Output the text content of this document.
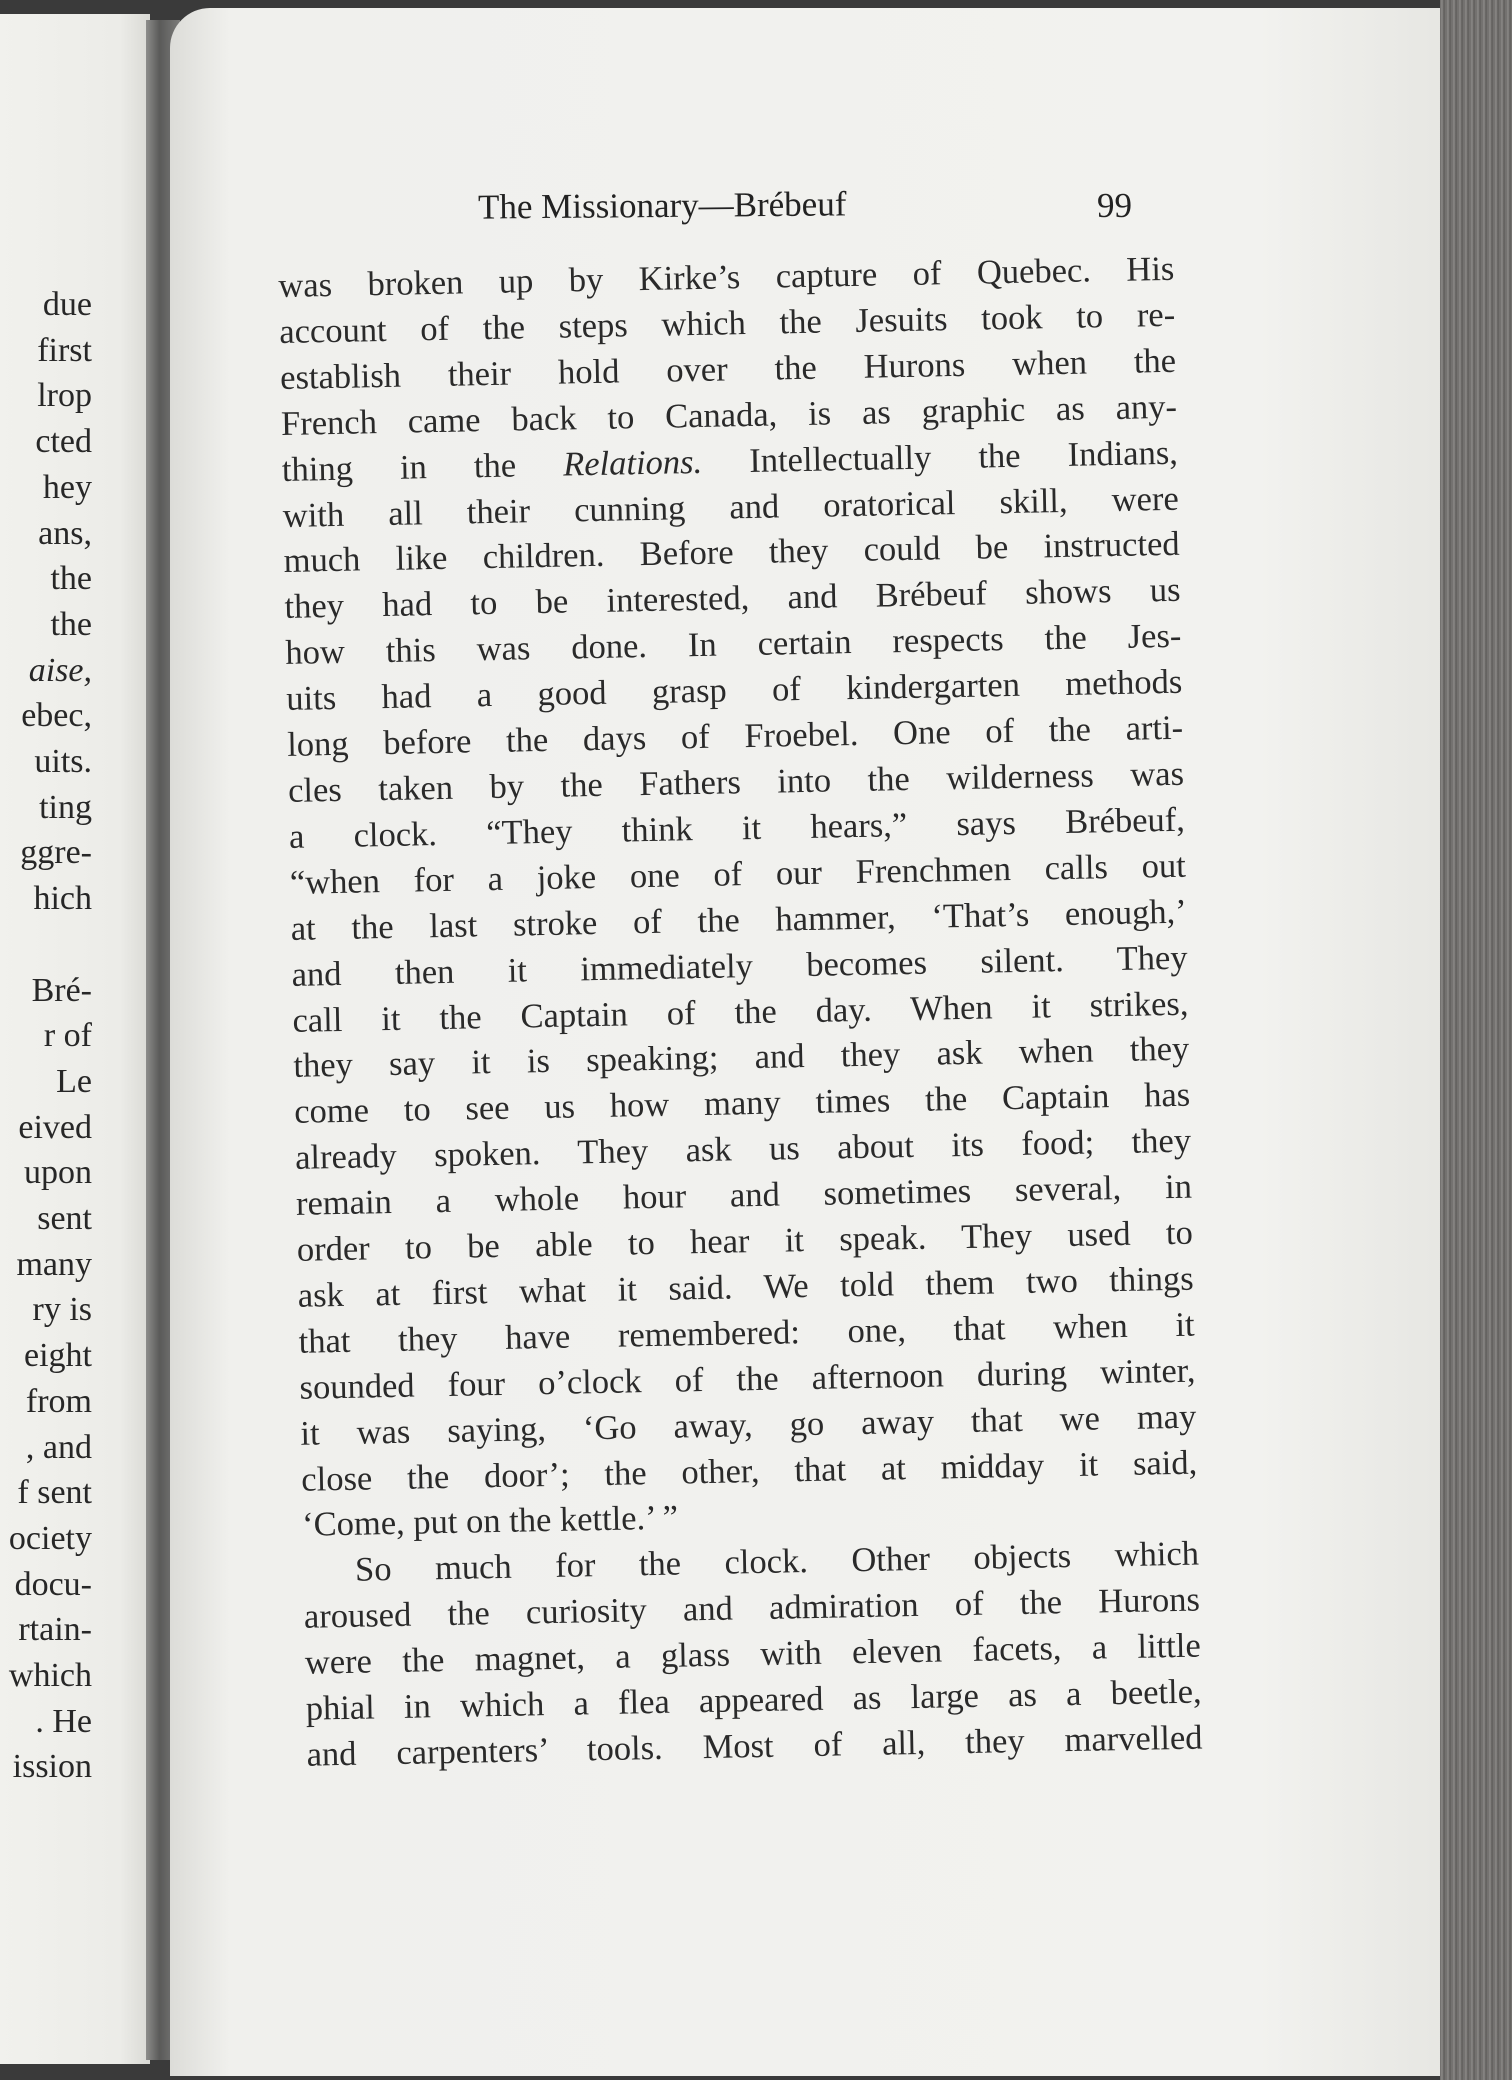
due
first
lrop
cted
hey
ans,
the
the
aise,
ebec,
uits.
ting
ggre-
hich
Bré-
r of
Le
eived
upon
sent
many
ry is
eight
from
, and
f sent
ociety
docu-
rtain-
which
. He
ission
The Missionary—Brébeuf	99
was broken up by Kirke’s capture of Quebec. His
account of the steps which the Jesuits took to re-
establish their hold over the Hurons when the
French came back to Canada, is as graphic as any-
thing in the Relations. Intellectually the Indians,
with all their cunning and oratorical skill, were
much like children. Before they could be instructed
they had to be interested, and Brébeuf shows us
how this was done. In certain respects the Jes-
uits had a good grasp of kindergarten methods
long before the days of Froebel. One of the arti-
cles taken by the Fathers into the wilderness was
a clock. “They think it hears,” says Brébeuf,
“when for a joke one of our Frenchmen calls out
at the last stroke of the hammer, ‘That’s enough,’
and then it immediately becomes silent. They
call it the Captain of the day. When it strikes,
they say it is speaking; and they ask when they
come to see us how many times the Captain has
already spoken. They ask us about its food; they
remain a whole hour and sometimes several, in
order to be able to hear it speak. They used to
ask at first what it said. We told them two things
that they have remembered: one, that when it
sounded four o’clock of the afternoon during winter,
it was saying, ‘Go away, go away that we may
close the door’; the other, that at midday it said,
‘Come, put on the kettle.’ ”
So much for the clock. Other objects which
aroused the curiosity and admiration of the Hurons
were the magnet, a glass with eleven facets, a little
phial in which a flea appeared as large as a beetle,
and carpenters’ tools. Most of all, they marvelled
